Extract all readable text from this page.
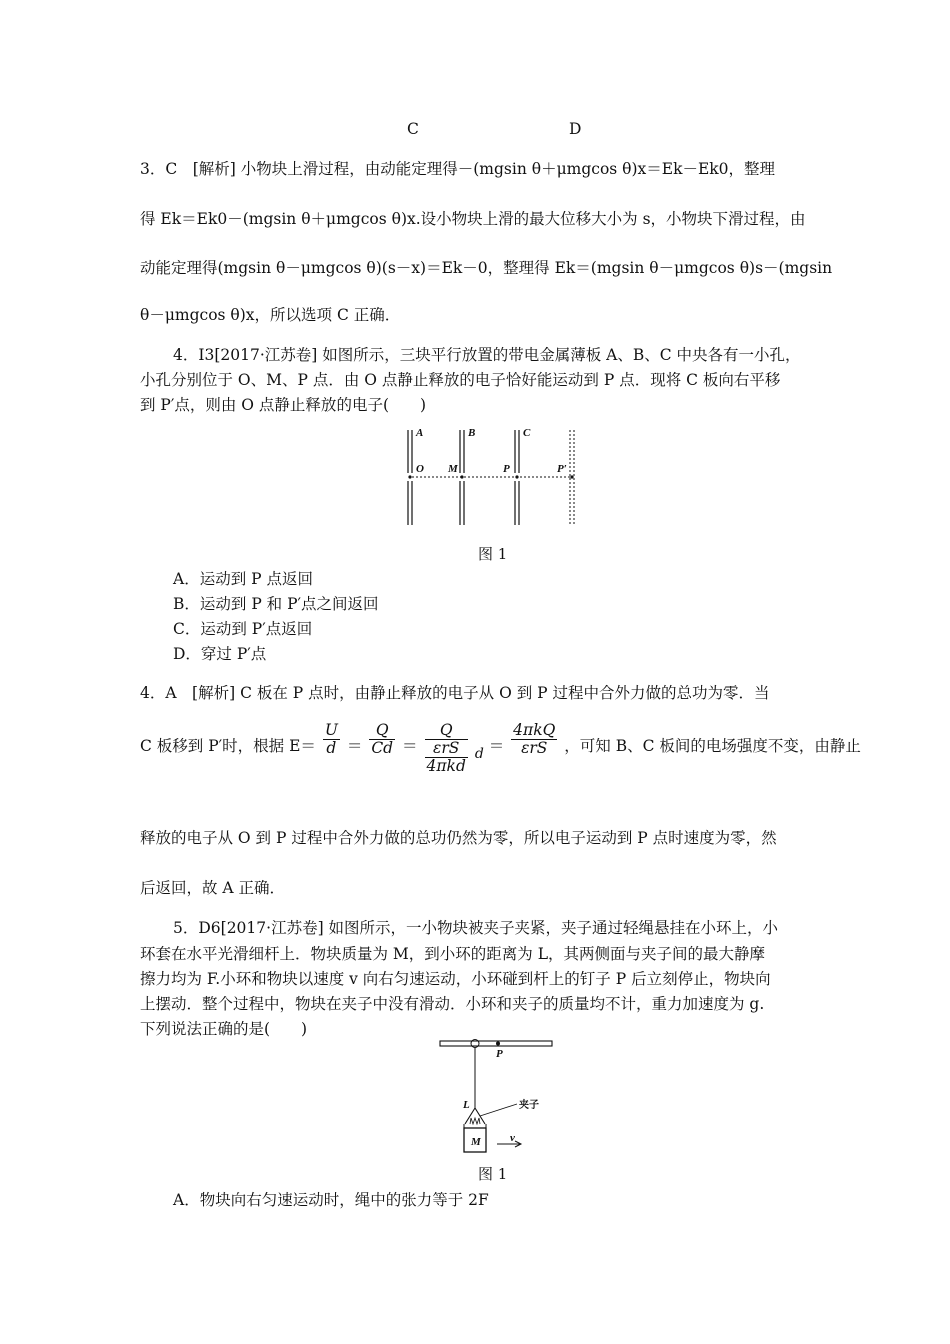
C	D
3．C　[解析] 小物块上滑过程，由动能定理得－(mgsin θ＋μmgcos θ)x＝Ek－Ek0，整理
得 Ek＝Ek0－(mgsin θ＋μmgcos θ)x.设小物块上滑的最大位移大小为 s，小物块下滑过程，由
动能定理得(mgsin θ－μmgcos θ)(s－x)＝Ek－0，整理得 Ek＝(mgsin θ－μmgcos θ)s－(mgsin
θ－μmgcos θ)x，所以选项 C 正确．
4．I3[2017·江苏卷] 如图所示，三块平行放置的带电金属薄板 A、B、C 中央各有一小孔，
小孔分别位于 O、M、P 点．由 O 点静止释放的电子恰好能运动到 P 点．现将 C 板向右平移
到 P′点，则由 O 点静止释放的电子(　　)
A	B	C
O M	P	P′
图 1
A．运动到 P 点返回
B．运动到 P 和 P′点之间返回
C．运动到 P′点返回
D．穿过 P′点
4．A　[解析] C 板在 P 点时，由静止释放的电子从 O 到 P 过程中合外力做的总功为零．当
C 板移到 P′时，根据 $E= \frac{U}{d} = \frac{Q}{Cd}$ ＝
Q
εrS
4πkd
$d = \frac{\text{4πkQ}}{\text{εrS}}$ ，可知 B、C 板间的电场强度不变，由静止
释放的电子从 O 到 P 过程中合外力做的总功仍然为零，所以电子运动到 P 点时速度为零，然
后返回，故 A 正确．
5．D6[2017·江苏卷] 如图所示，一小物块被夹子夹紧，夹子通过轻绳悬挂在小环上，小
环套在水平光滑细杆上．物块质量为 M，到小环的距离为 L，其两侧面与夹子间的最大静摩
擦力均为 F.小环和物块以速度 v 向右匀速运动，小环碰到杆上的钉子 P 后立刻停止，物块向
上摆动．整个过程中，物块在夹子中没有滑动．小环和夹子的质量均不计，重力加速度为 g.
下列说法正确的是(　　)
P
L	夹子
M	v
图 1
A．物块向右匀速运动时，绳中的张力等于 2F
